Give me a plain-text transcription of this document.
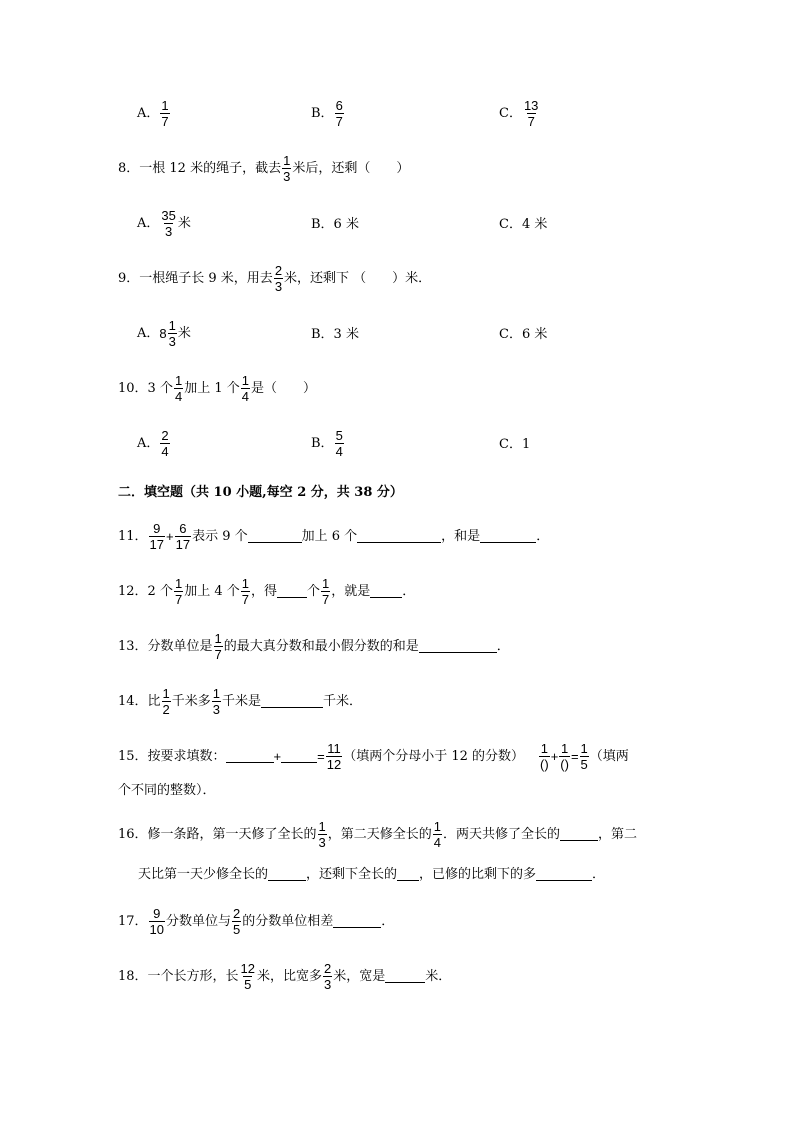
A． $\frac{1}{7}$	B． $\frac{6}{7}$	C． $\frac{13}{7}$
8．一根 12 米的绳子，截去 $\frac{1}{3}$ 米后，还剩（　　）
A． $\frac{35}{3}$ 米	B．6 米	C．4 米
9．一根绳子长 9 米，用去 $\frac{2}{3}$ 米，还剩下 （　　）米．
A． $8 \frac{1}{3}$ 米	B．3 米	C．6 米
10．3 个 $\frac{1}{4}$ 加上 1 个 $\frac{1}{4}$ 是（　　）
A． $\frac{2}{4}$	B． $\frac{5}{4}$	C．1
二．填空题（共 10 小题,每空 2 分，共 38 分）
11． $\frac{9}{17} + \frac{6}{17}$ 表示 9 个	加上 6 个	，和是	．
12．2 个 $\frac{1}{7}$ 加上 4 个 $\frac{1}{7}$ ，得 个 $\frac{1}{7}$ ，就是 ．
13．分数单位是 $\frac{1}{7}$ 的最大真分数和最小假分数的和是	．
14．比 $\frac{1}{2}$ 千米多 $\frac{1}{3}$ 千米是	千米．
15．按要求填数：	+	= $\frac{11}{12}$ （填两个分母小于 12 的分数） $\frac{1}{()} + \frac{1}{()} = \frac{1}{5}$ （填两
个不同的整数）．
16．修一条路，第一天修了全长的 $\frac{1}{3}$ ，第二天修全长的 $\frac{1}{4}$ ．两天共修了全长的	，第二
天比第一天少修全长的	，还剩下全长的 ，已修的比剩下的多	．
17． $\frac{9}{10}$ 分数单位与 $\frac{2}{5}$ 的分数单位相差	．
18．一个长方形，长 $\frac{12}{5}$ 米，比宽多 $\frac{2}{3}$ 米，宽是	米．
